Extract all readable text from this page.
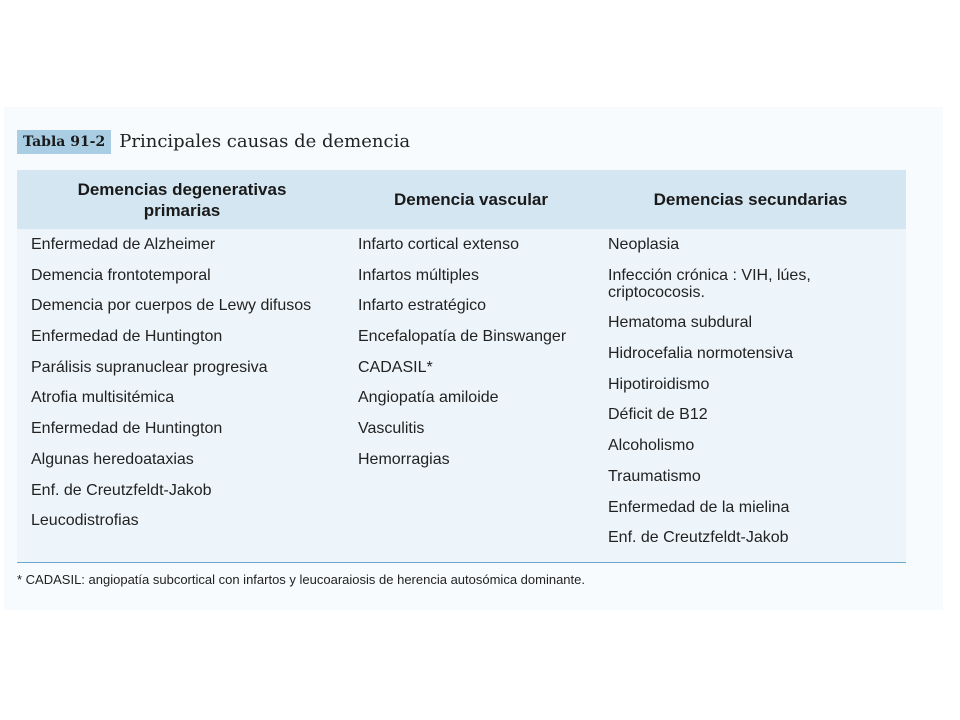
Tabla 91-2 Principales causas de demencia
Demencias degenerativas primarias
Demencia vascular	Demencias secundarias
Enfermedad de Alzheimer
Demencia frontotemporal
Demencia por cuerpos de Lewy difusos
Enfermedad de Huntington
Parálisis supranuclear progresiva
Atrofia multisitémica
Enfermedad de Huntington
Algunas heredoataxias
Enf. de Creutzfeldt-Jakob
Leucodistrofias
Infarto cortical extenso
Infartos múltiples
Infarto estratégico
Encefalopatía de Binswanger
CADASIL*
Angiopatía amiloide
Vasculitis
Hemorragias
Neoplasia
Infección crónica : VIH, lúes, criptococosis.
Hematoma subdural
Hidrocefalia normotensiva
Hipotiroidismo
Déficit de B12
Alcoholismo
Traumatismo
Enfermedad de la mielina
Enf. de Creutzfeldt-Jakob
* CADASIL: angiopatía subcortical con infartos y leucoaraiosis de herencia autosómica dominante.
